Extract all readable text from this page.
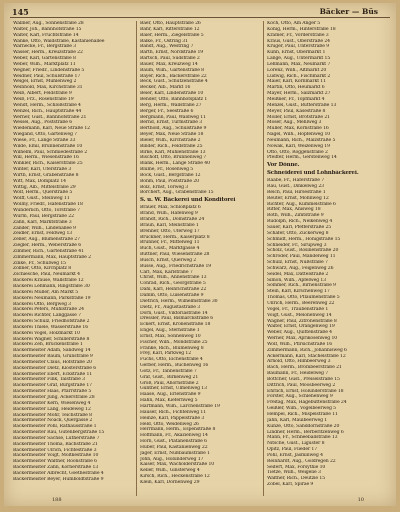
145	Bäcker — Büs
Wallner, Aug., Sonnenstraße 28
Walter, Joh., Bahnhofstraße 15
Walter, Karl, Fruchtstraße 14
Wanke, Otto, Waldstraße, Kastanienallee
Warnecke, Fr., Bergstraße 3
Wasser, Herm., Kreuzstraße 22
Weber, Karl, Gartenstraße 8
Weber, Wilh., Marktplatz 11
Wegner, Friedr., Lindenstraße 5
Weidner, Paul, Schulstraße 17
Weigel, Ernst, Mühlenweg 2
Weinhold, Max, Kirchstraße 31
Weiß, Albert, Feldstraße 9
Weiß, Frz., Rosenstraße 19
Wendt, Herm., Schloßstraße 4
Wenzel, Rich., Hauptstraße 44
Werner, Gust., Bahnhofstraße 21
Wessel, Aug., Poststraße 6
Wiedemann, Karl, Neue Straße 12
Wiegand, Otto, Gartenweg 7
Wiese, Fr., Lange Straße 33
Wilde, Emil, Brunnenstraße 10
Wilhelm, Paul, Schmiedestraße 2
Will, Herm., Wiesenstraße 16
Winkler, Rich., Kaiserstraße 25
Winter, Karl, Uferstraße 3
Wirth, Ernst, Grabenstraße 8
Witt, Max, Domplatz 14
Wittig, Alb., Mittelstraße 29
Wolf, Herm., Querstraße 5
Wolff, Gust., Steinweg 11
Wollny, Friedr., Hafenstraße 18
Wunderlich, Otto, Torstraße 7
Wurm, Paul, Bergstraße 22
Zahn, Karl, Marktstraße 3
Zander, Wilh., Lindenallee 9
Zeidler, Ernst, Feldweg 13
Zeller, Aug., Blumenstraße 27
Ziegler, Herm., Weberstraße 6
Zimmer, Rich., Gartenstraße 41
Zimmermann, Max, Hauptstraße 2
Zinke, Fr., Schulweg 15
Zöllner, Otto, Kirchplatz 8
Zschiesche, Paul, Neumarkt 4
Bäckerei Krause, Wallstraße 12
Bäckerei Lehmann, Ringstraße 30
Bäckerei Müller, Am Markt 5
Bäckerei Neumann, Parkstraße 19
Bäckerei Otto, Bergweg 3
Bäckerei Peters, Mühlstraße 24
Bäckerei Richter, Langgasse 7
Bäckerei Schulz, Friedhofstraße 2
Bäckerei Thiele, Wasserstraße 16
Bäckerei Vogel, Holzmarkt 10
Bäckerei Wagner, Schillerstraße 8
Bäckerei Zeh, Brückenstraße 1
Bäckermeister Adam, Sandweg 14
Bäckermeister Baum, Grünstraße 9
Bäckermeister Claus, Hofstraße 20
Bäckermeister Dietz, Klosterstraße 6
Bäckermeister Ebert, Eckstraße 11
Bäckermeister Fink, Talstraße 3
Bäckermeister Graf, Burgstraße 17
Bäckermeister Haas, Pfarrstraße 5
Bäckermeister Jung, Ackerstraße 28
Bäckermeister Kern, Wiesenweg 4
Bäckermeister Lang, Heideweg 12
Bäckermeister Mohr, Teichstraße 8
Bäckermeister Noack, Quergasse 2
Bäckermeister Pohl, Rathausstraße 1
Bäckermeister Rau, Gutenbergstraße 15
Bäckermeister Sachse, Lutherstraße 7
Bäckermeister Thoma, Bachstraße 21
Bäckermeister Ulrich, Fichtestraße 3
Bäckermeister Voigt, Moltkestraße 10
Bäckermeister Walther, Roonstraße 6
Bäckermeister Zahn, Körnerstraße 13
Bäckermeister Albrecht, Goethestraße 4
Bäckermeister Beyer, Humboldtstraße 9
Baer, Otto, Hauptstraße 26
Bahr, Karl, Ritterstraße 12
Baier, Herm., Ziegelstraße 5
Balke, Fr., Ostring 31
Bandt, Aug., Westring 7
Barth, Ernst, Nordstraße 19
Bartsch, Paul, Südstraße 2
Bauer, Max, Kreuzweg 14
Baum, Wilh., Gartenstraße 8
Bayer, Rich., Bäckerstraße 22
Beck, Gust., Schützenstraße 4
Becker, Alb., Markt 16
Beier, Karl, Lindenstraße 10
Bender, Otto, Bahnhofsplatz 1
Berg, Herm., Wallstraße 27
Berger, Fr., Seestraße 6
Bergmann, Paul, Waldweg 11
Bernd, Ernst, Turmstraße 3
Berthold, Aug., Schulstraße 9
Beyer, Max, Neue Straße 18
Bieler, Wilh., Kirchstraße 2
Binder, Rich., Feldstraße 25
Birke, Karl, Mühlenstraße 13
Bischoff, Otto, Brunnenweg 7
Blank, Herm., Lange Straße 40
Blume, Fr., Rosenweg 5
Bock, Gust., Bergstraße 12
Böhm, Paul, Poststraße 20
Bolz, Ernst, Torweg 3
Borchert, Aug., Grabenstraße 15
S. u. W. Bäckerei und Konditorei
Bräuer, Max, Schloßplatz 6
Brand, Wilh., Hafenweg 9
Brandt, Rich., Domstraße 24
Braun, Karl, Steinstraße 1
Brenner, Otto, Uferweg 17
Brückner, Herm., Kaiserplatz 8
Brunner, Fr., Mittelweg 11
Buch, Gust., Marktgasse 4
Büttner, Paul, Wiesenstraße 28
Busch, Ernst, Querweg 2
Busse, Aug., Friedrichstraße 19
Carl, Max, Karlstraße 7
Christ, Wilh., Annenstraße 13
Conrad, Rich., Georgstraße 5
Dahl, Karl, Heinrichstraße 22
Damm, Otto, Luisenstraße 9
Dietrich, Herm., Wilhelmstraße 30
Dietz, Fr., Augustastraße 3
Dorn, Gust., Viktoriastraße 14
Dressler, Paul, Bismarckstraße 6
Eckert, Ernst, Kronenstraße 18
Engel, Aug., Sternstraße 1
Ernst, Max, Sonnenweg 10
Fischer, Wilh., Mondstraße 25
Franke, Rich., Blumenweg 8
Frey, Karl, Parkweg 12
Fuchs, Otto, Eichenstraße 4
Gerber, Herm., Buchenweg 16
Götz, Fr., Tannenstraße 7
Graf, Gust., Birkenweg 21
Groß, Paul, Ahornstraße 2
Günther, Ernst, Ulmenweg 13
Haase, Aug., Erlenstraße 9
Hahn, Max, Kiefernweg 5
Hartmann, Wilh., Lärchenstraße 19
Hauser, Rich., Fichtenweg 11
Heinze, Karl, Pappelstraße 3
Held, Otto, Weidenweg 26
Herrmann, Herm., Espenstraße 8
Hoffmann, Fr., Akazienweg 14
Horn, Gust., Platanenstraße 6
Huber, Paul, Kastanienweg 22
Jäger, Ernst, Nußbaumstraße 1
John, Aug., Holunderweg 17
Kaiser, Max, Wacholderstraße 10
Keller, Wilh., Ginsterweg 4
Kirsch, Rich., Heckenstraße 12
Klein, Karl, Dornenweg 29
Koch, Otto, Am Anger 5
König, Herm., Hinterstraße 18
Krämer, Fr., Vorderstraße 3
Kraus, Gust., Oberstraße 24
Krüger, Paul, Unterstraße 9
Kuhn, Ernst, Obermarkt 1
Lange, Aug., Untermarkt 15
Lehmann, Max, Neumarkt 7
Lorenz, Wilh., Altmarkt 20
Ludwig, Rich., Fischmarkt 2
Maier, Karl, Kornmarkt 11
Martin, Otto, Heumarkt 6
Mayer, Herm., Salzmarkt 27
Meißner, Fr., Topfmarkt 4
Menzel, Gust., Butterstraße 13
Meyer, Paul, Käsestraße 8
Möller, Ernst, Brotstraße 21
Moser, Aug., Mehlweg 3
Müller, Max, Kornstraße 16
Nagel, Wilh., Hopfenweg 10
Neumann, Rich., Malzstraße 5
Nowak, Karl, Weizenweg 19
Otto, Otto, Roggenstraße 2
Pfeiffer, Herm., Gerstenweg 14
Vor Dönne.
Schneiderei und Lohnbäckerei.
Raabe, Fr., Haferstraße 7
Rau, Gust., Dinkelweg 23
Reich, Paul, Hirsestraße 1
Reuter, Ernst, Mohnweg 12
Richter, Aug., Kümmelstraße 6
Ritter, Max, Anisweg 18
Roth, Wilh., Zimtstraße 9
Rudolph, Rich., Nelkenweg 4
Sauer, Karl, Pfefferstraße 25
Schäfer, Otto, Zuckerweg 8
Schmidt, Herm., Honigstraße 15
Schneider, Fr., Sirupweg 3
Scholz, Gust., Rosinenstraße 20
Schröder, Paul, Mandelweg 11
Schulz, Ernst, Nußstraße 7
Schwarz, Aug., Feigenweg 26
Seidel, Max, Dattelstraße 2
Simon, Wilh., Apfelweg 13
Sommer, Rich., Birnenstraße 9
Stein, Karl, Kirschenweg 17
Thomas, Otto, Pflaumenstraße 5
Ullrich, Herm., Beerenweg 22
Vogel, Fr., Traubenstraße 1
Voigt, Gust., Melonenweg 14
Wagner, Paul, Zitronenstraße 8
Walter, Ernst, Orangenweg 19
Weber, Aug., Quittenstraße 4
Werner, Max, Aprikosenweg 10
Wolf, Wilh., Pfirsichstraße 16
Zimmermann, Rich., Johannisweg 6
Ackermann, Karl, Stachelstraße 12
Arnold, Otto, Himbeerweg 3
Bach, Herm., Brombeerstraße 21
Baumann, Fr., Heidelweg 7
Böttcher, Gust., Preiselstraße 15
Dittrich, Paul, Moosbeerweg 2
Ehrlich, Ernst, Holunderstraße 18
Förster, Aug., Schlehenweg 9
Freitag, Max, Hagebuttenstraße 24
Geißler, Wilh., Vogelbeerweg 5
Hempel, Rich., Mispelstraße 11
Jahn, Karl, Maulbeerweg 1
Kunze, Otto, Sanddornstraße 20
Lindner, Herm., Berberitzenweg 6
Mann, Fr., Schneeballstraße 13
Nitsche, Gust., Liguster 8
Opitz, Paul, Flieder 17
Pohl, Ernst, Jasminweg 4
Reinhardt, Aug., Goldregen 22
Seifert, Max, Forsythie 10
Tietze, Wilh., Weigelie 3
Walther, Rich., Deutzie 15
Zobel, Karl, Spiräe 9
188	10
